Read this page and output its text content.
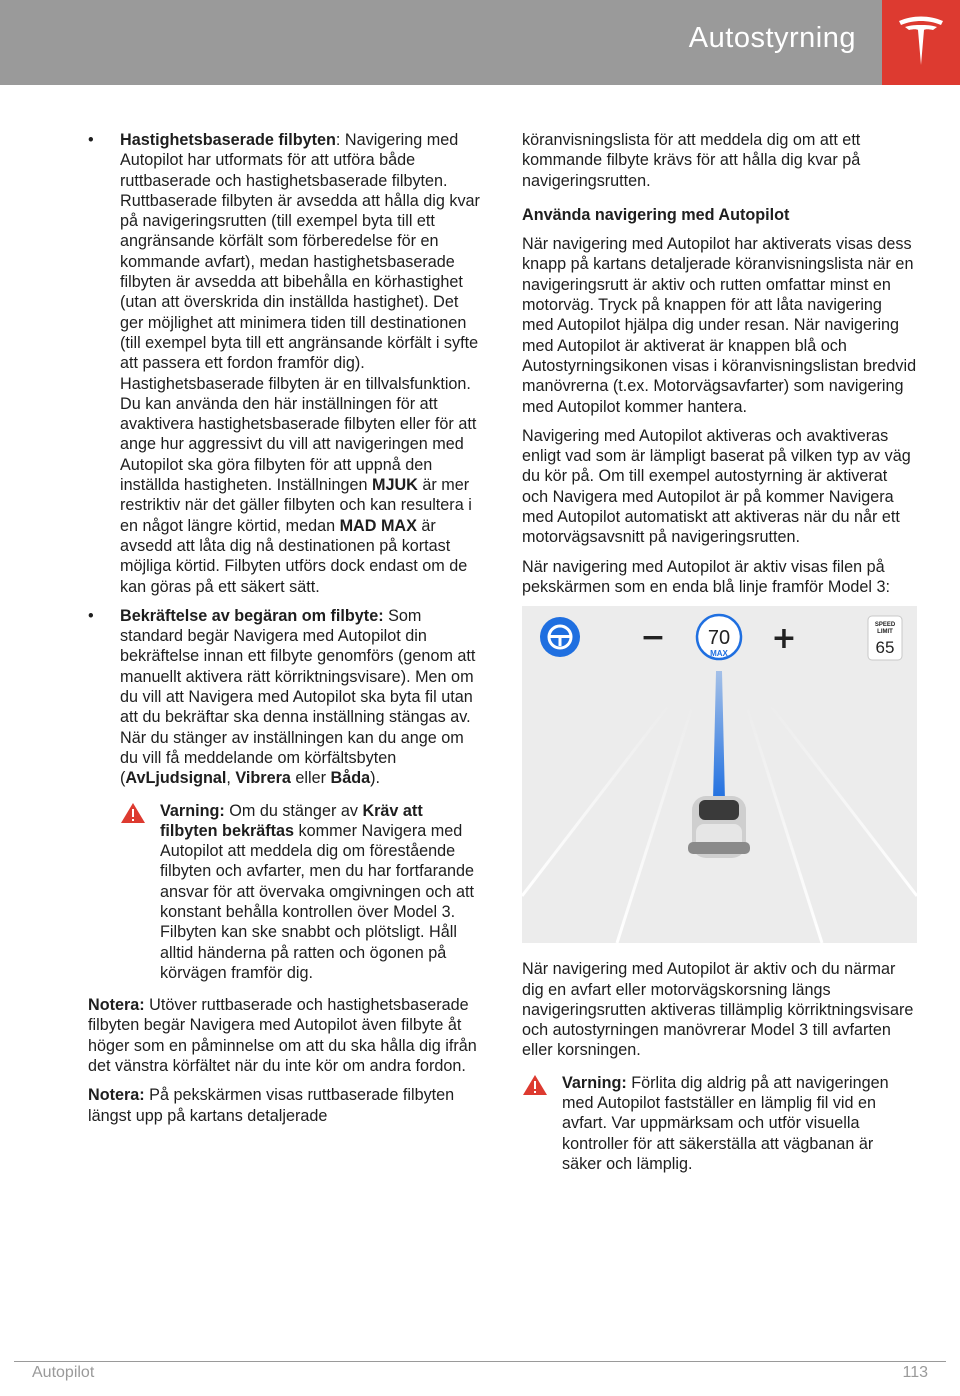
Autostyrning
• Hastighetsbaserade filbyten: Navigering med Autopilot har utformats för att utföra både ruttbaserade och hastighetsbaserade filbyten. Ruttbaserade filbyten är avsedda att hålla dig kvar på navigeringsrutten (till exempel byta till ett angränsande körfält som förberedelse för en kommande avfart), medan hastighetsbaserade filbyten är avsedda att bibehålla en körhastighet (utan att överskrida din inställda hastighet). Det ger möjlighet att minimera tiden till destinationen (till exempel byta till ett angränsande körfält i syfte att passera ett fordon framför dig). Hastighetsbaserade filbyten är en tillvalsfunktion. Du kan använda den här inställningen för att avaktivera hastighetsbaserade filbyten eller för att ange hur aggressivt du vill att navigeringen med Autopilot ska göra filbyten för att uppnå den inställda hastigheten. Inställningen MJUK är mer restriktiv när det gäller filbyten och kan resultera i en något längre körtid, medan MAD MAX är avsedd att låta dig nå destinationen på kortast möjliga körtid. Filbyten utförs dock endast om de kan göras på ett säkert sätt.
• Bekräftelse av begäran om filbyte: Som standard begär Navigera med Autopilot din bekräftelse innan ett filbyte genomförs (genom att manuellt aktivera rätt körriktningsvisare). Men om du vill att Navigera med Autopilot ska byta fil utan att du bekräftar ska denna inställning stängas av. När du stänger av inställningen kan du ange om du vill få meddelande om körfältsbyten (AvLjudsignal, Vibrera eller Båda).
Varning: Om du stänger av Kräv att filbyten bekräftas kommer Navigera med Autopilot att meddela dig om förestående filbyten och avfarter, men du har fortfarande ansvar för att övervaka omgivningen och att konstant behålla kontrollen över Model 3. Filbyten kan ske snabbt och plötsligt. Håll alltid händerna på ratten och ögonen på körvägen framför dig.

Notera: Utöver ruttbaserade och hastighetsbaserade filbyten begär Navigera med Autopilot även filbyte åt höger som en påminnelse om att du ska hålla dig ifrån det vänstra körfältet när du inte kör om andra fordon.

Notera: På pekskärmen visas ruttbaserade filbyten längst upp på kartans detaljerade

köranvisningslista för att meddela dig om att ett kommande filbyte krävs för att hålla dig kvar på navigeringsrutten.

Använda navigering med Autopilot

När navigering med Autopilot har aktiverats visas dess knapp på kartans detaljerade köranvisningslista när en navigeringsrutt är aktiv och rutten omfattar minst en motorväg. Tryck på knappen för att låta navigering med Autopilot hjälpa dig under resan. När navigering med Autopilot är aktiverat är knappen blå och Autostyrningsikonen visas i köranvisningslistan bredvid manövrerna (t.ex. Motorvägsavfarter) som navigering med Autopilot kommer hantera.

Navigering med Autopilot aktiveras och avaktiveras enligt vad som är lämpligt baserat på vilken typ av väg du kör på. Om till exempel autostyrning är aktiverat och Navigera med Autopilot är på kommer Navigera med Autopilot automatiskt att aktiveras när du når ett motorvägsavsnitt på navigeringsrutten.

När navigering med Autopilot är aktiv visas filen på pekskärmen som en enda blå linje framför Model 3:

− 70
MAX +	SPEED
LIMIT
65

När navigering med Autopilot är aktiv och du närmar dig en avfart eller motorvägskorsning längs navigeringsrutten aktiveras tillämplig körriktningsvisare och autostyrningen manövrerar Model 3 till avfarten eller korsningen.

Varning: Förlita dig aldrig på att navigeringen med Autopilot fastställer en lämplig fil vid en avfart. Var uppmärksam och utför visuella kontroller för att säkerställa att vägbanan är säker och lämplig.
Autopilot	113
